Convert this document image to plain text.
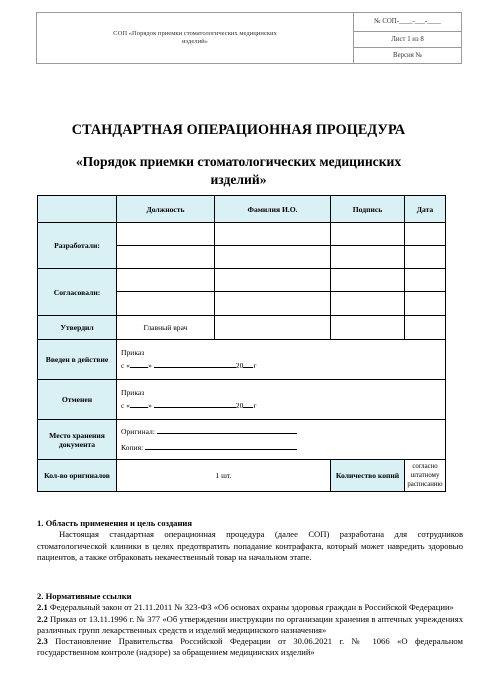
СОП «Порядок приемки стоматологических медицинских изделий»
№ СОП-____-___-____
Лист 1 из 8
Версия №
СТАНДАРТНАЯ ОПЕРАЦИОННАЯ ПРОЦЕДУРА
«Порядок приемки стоматологических медицинских
изделий»
	Должность	Фамилия И.О.	Подпись	Дата
Разработали:				

Согласовали:				

Утвердил	Главный врач			
Введен в действие	Приказ
с « » 20 г			

Отменен	Приказ
с « » 20 г			

Место хранения документа	Оригинал:
Копия:			

Кол-во оригиналов	1 шт.		Количество копий	согласно штатному расписанию
1. Область применения и цель создания
Настоящая стандартная операционная процедура (далее СОП) разработана для сотрудников стоматологической клиники в целях предотвратить попадание контрафакта, который может навредить здоровью пациентов, а также отбраковать некачественный товар на начальном этапе.
2. Нормативные ссылки
2.1 Федеральный закон от 21.11.2011 № 323-ФЗ «Об основах охраны здоровья граждан в Российской Федерации»
2.2 Приказ от 13.11.1996 г. № 377 «Об утверждении инструкции по организации хранения в аптечных учреждениях различных групп лекарственных средств и изделий медицинского назначения»
2.3 Постановление Правительства Российской Федерации от 30.06.2021 г. № 1066 «О федеральном государственном контроле (надзоре) за обращением медицинских изделий»
